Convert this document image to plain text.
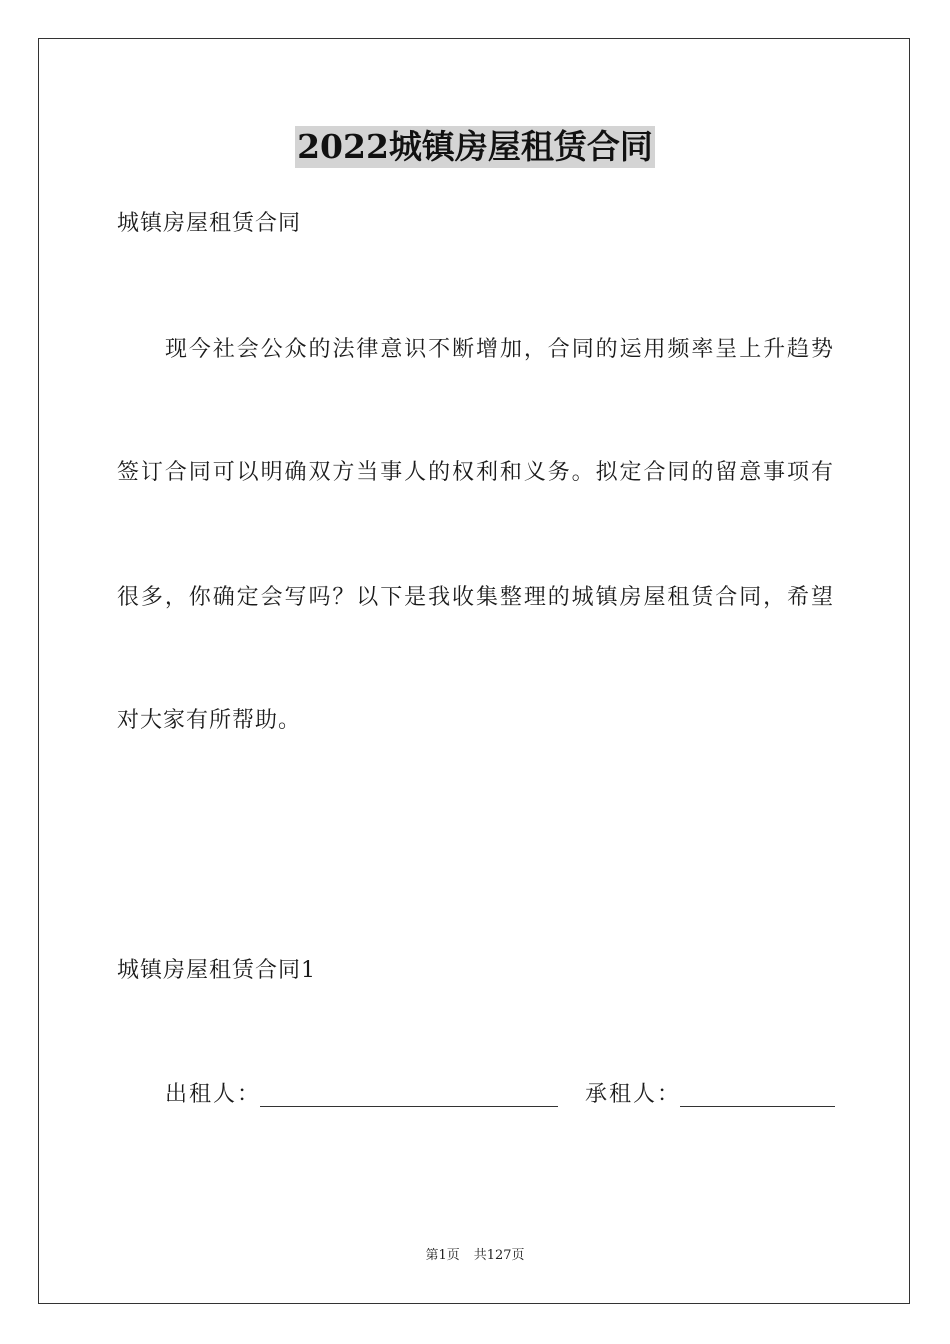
2022城镇房屋租赁合同
城镇房屋租赁合同
现今社会公众的法律意识不断增加，合同的运用频率呈上升趋势
签订合同可以明确双方当事人的权利和义务。拟定合同的留意事项有
很多，你确定会写吗？以下是我收集整理的城镇房屋租赁合同，希望
对大家有所帮助。
城镇房屋租赁合同1
出租人：	承租人：
第1页 共127页
